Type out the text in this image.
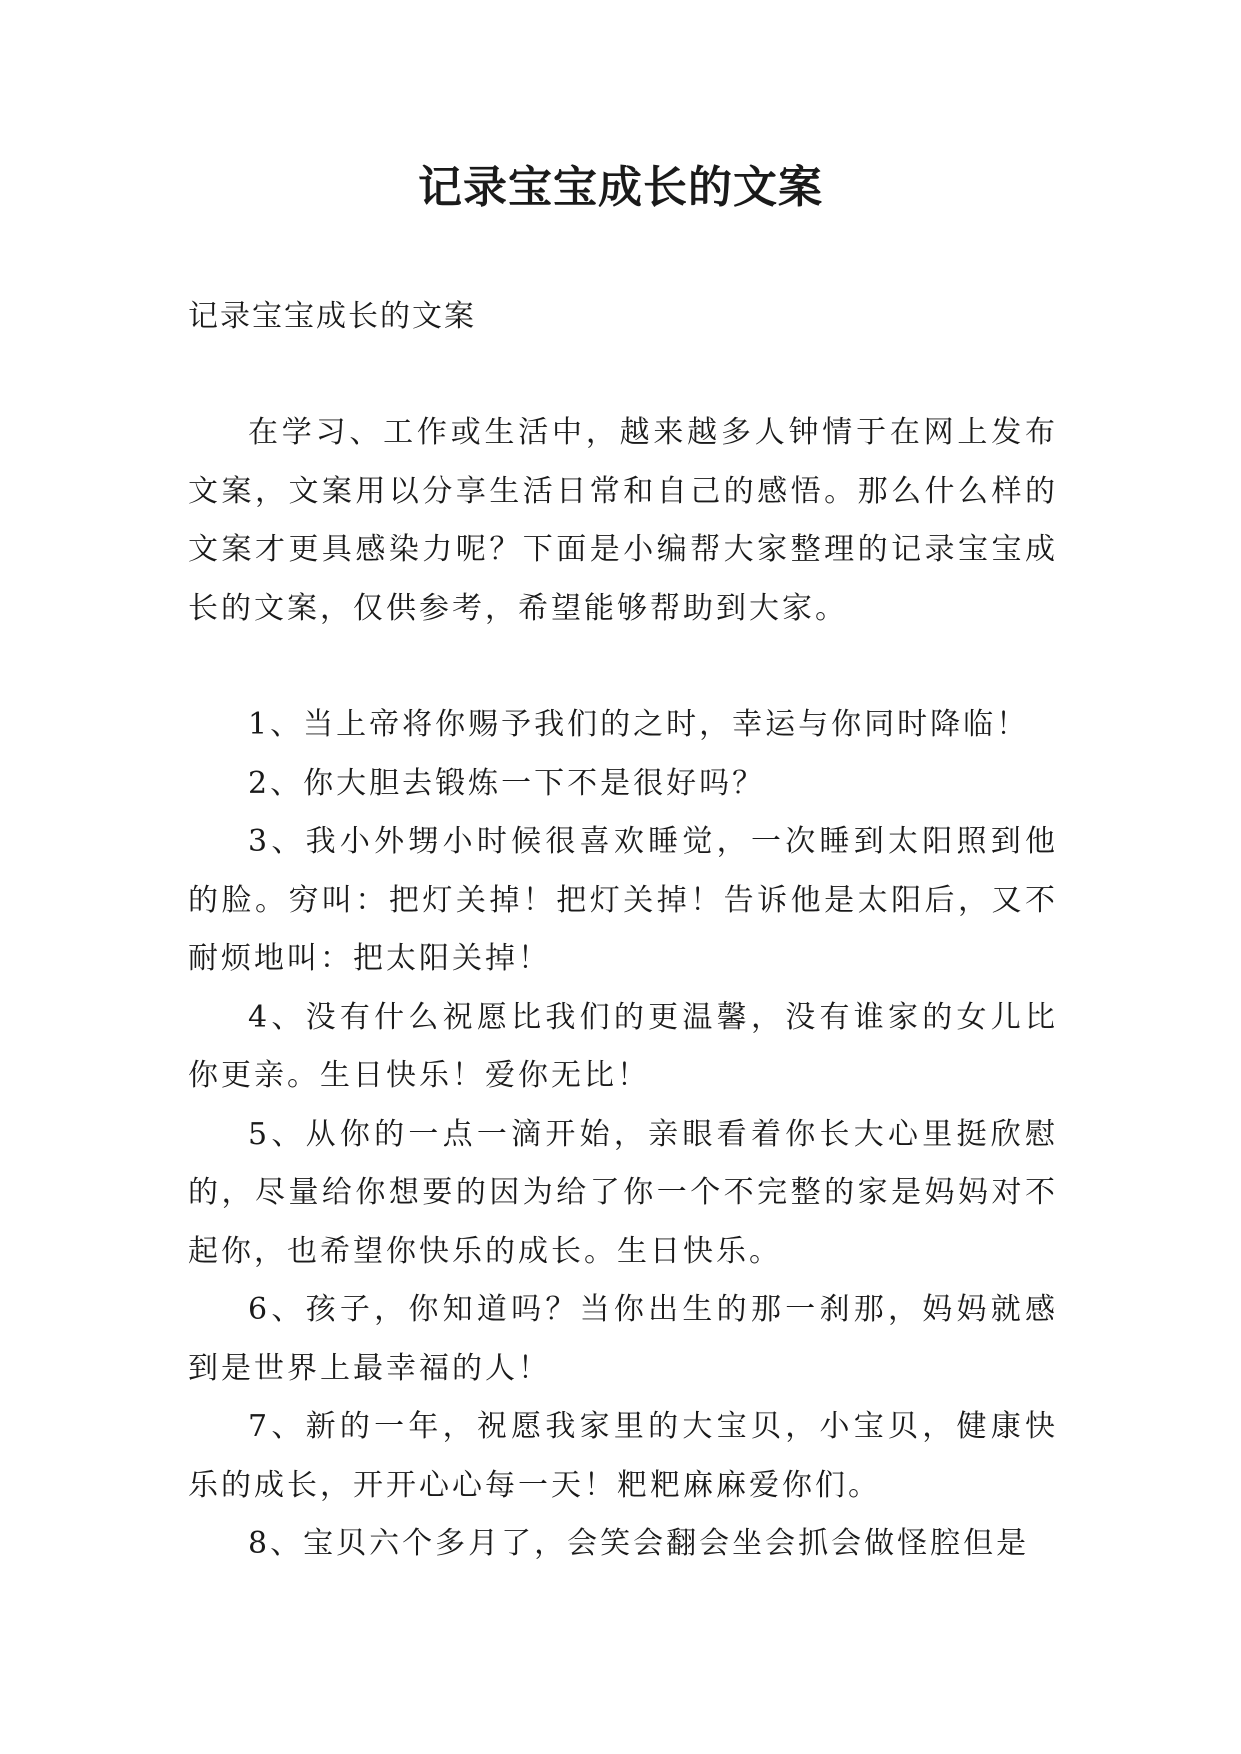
记录宝宝成长的文案

记录宝宝成长的文案

在学习、工作或生活中，越来越多人钟情于在网上发布文案，文案用以分享生活日常和自己的感悟。那么什么样的文案才更具感染力呢？下面是小编帮大家整理的记录宝宝成长的文案，仅供参考，希望能够帮助到大家。

1、当上帝将你赐予我们的之时，幸运与你同时降临！

2、你大胆去锻炼一下不是很好吗？

3、我小外甥小时候很喜欢睡觉，一次睡到太阳照到他的脸。穷叫：把灯关掉！把灯关掉！告诉他是太阳后，又不耐烦地叫：把太阳关掉！

4、没有什么祝愿比我们的更温馨，没有谁家的女儿比你更亲。生日快乐！爱你无比！

5、从你的一点一滴开始，亲眼看着你长大心里挺欣慰的，尽量给你想要的因为给了你一个不完整的家是妈妈对不起你，也希望你快乐的成长。生日快乐。

6、孩子，你知道吗？当你出生的那一刹那，妈妈就感到是世界上最幸福的人！

7、新的一年，祝愿我家里的大宝贝，小宝贝，健康快乐的成长，开开心心每一天！粑粑麻麻爱你们。

8、宝贝六个多月了，会笑会翻会坐会抓会做怪腔但是
